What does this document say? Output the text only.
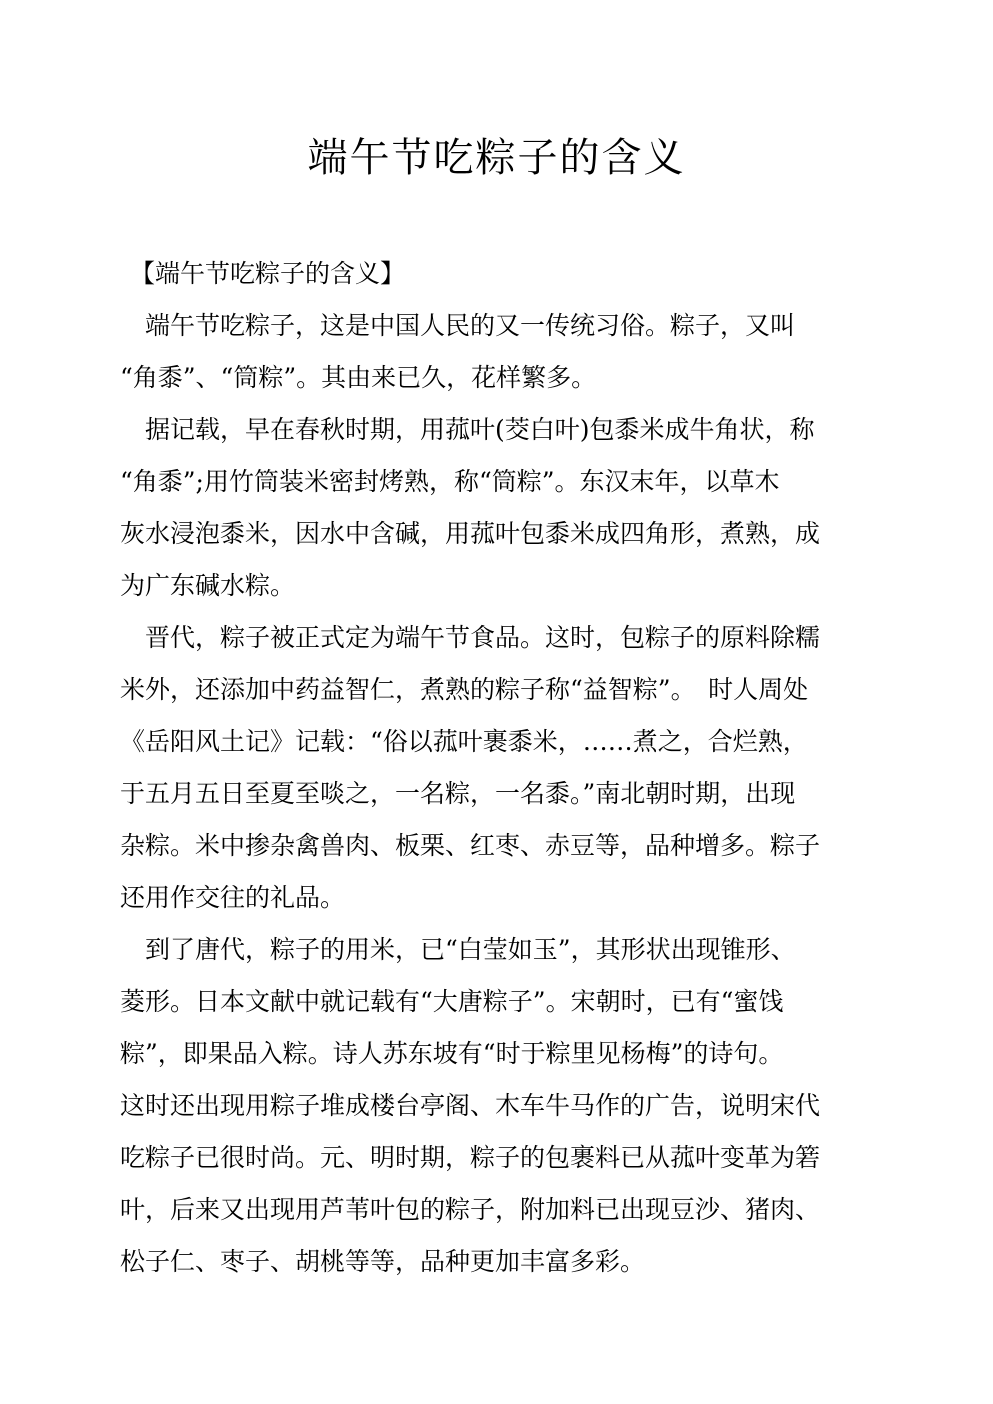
端午节吃粽子的含义
【端午节吃粽子的含义】
端午节吃粽子，这是中国人民的又一传统习俗。粽子，又叫
“角黍”、“筒粽”。其由来已久，花样繁多。
据记载，早在春秋时期，用菰叶(茭白叶)包黍米成牛角状，称
“角黍”;用竹筒装米密封烤熟，称“筒粽”。东汉末年，以草木
灰水浸泡黍米，因水中含碱，用菰叶包黍米成四角形，煮熟，成
为广东碱水粽。
晋代，粽子被正式定为端午节食品。这时，包粽子的原料除糯
米外，还添加中药益智仁，煮熟的粽子称“益智粽”。　时人周处
《岳阳风土记》记载：“俗以菰叶裹黍米，……煮之，合烂熟，
于五月五日至夏至啖之，一名粽，一名黍。”南北朝时期，出现
杂粽。米中掺杂禽兽肉、板栗、红枣、赤豆等，品种增多。粽子
还用作交往的礼品。
到了唐代，粽子的用米，已“白莹如玉”，其形状出现锥形、
菱形。日本文献中就记载有“大唐粽子”。宋朝时，已有“蜜饯
粽”，即果品入粽。诗人苏东坡有“时于粽里见杨梅”的诗句。
这时还出现用粽子堆成楼台亭阁、木车牛马作的广告，说明宋代
吃粽子已很时尚。元、明时期，粽子的包裹料已从菰叶变革为箬
叶，后来又出现用芦苇叶包的粽子，附加料已出现豆沙、猪肉、
松子仁、枣子、胡桃等等，品种更加丰富多彩。
